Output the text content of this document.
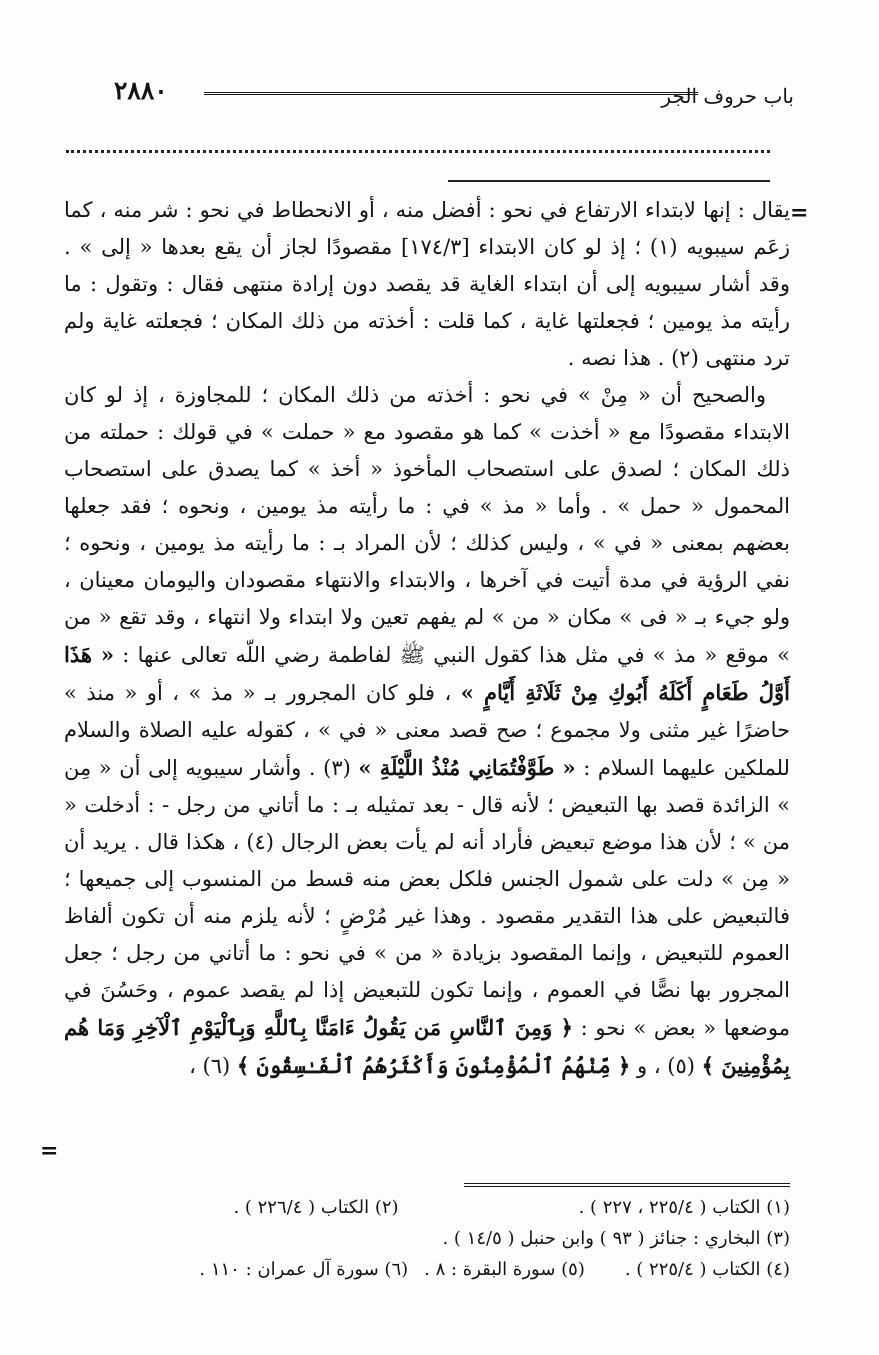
٢٨٨٠	باب حروف الجر
=

يقال : إنها لابتداء الارتفاع في نحو : أفضل منه ، أو الانحطاط في نحو : شر منه ، كما زعَم سيبويه (١) ؛ إذ لو كان الابتداء [١٧٤/٣] مقصودًا لجاز أن يقع بعدها « إلى » . وقد أشار سيبويه إلى أن ابتداء الغاية قد يقصد دون إرادة منتهى فقال : وتقول : ما رأيته مذ يومين ؛ فجعلتها غاية ، كما قلت : أخذته من ذلك المكان ؛ فجعلته غاية ولم ترد منتهى (٢) . هذا نصه .

والصحيح أن « مِنْ » في نحو : أخذته من ذلك المكان ؛ للمجاوزة ، إذ لو كان الابتداء مقصودًا مع « أخذت » كما هو مقصود مع « حملت » في قولك : حملته من ذلك المكان ؛ لصدق على استصحاب المأخوذ « أخذ » كما يصدق على استصحاب المحمول « حمل » . وأما « مذ » في : ما رأيته مذ يومين ، ونحوه ؛ فقد جعلها بعضهم بمعنى « في » ، وليس كذلك ؛ لأن المراد بـ : ما رأيته مذ يومين ، ونحوه ؛ نفي الرؤية في مدة أتيت في آخرها ، والابتداء والانتهاء مقصودان واليومان معينان ، ولو جيء بـ « فى » مكان « من » لم يفهم تعين ولا ابتداء ولا انتهاء ، وقد تقع « من » موقع « مذ » في مثل هذا كقول النبي ﷺ لفاطمة رضي اللّه تعالى عنها : « هَذَا أَوَّلُ طَعَامٍ أَكَلَهُ أَبُوكِ مِنْ ثَلَاثَةِ أَيَّامٍ » ، فلو كان المجرور بـ « مذ » ، أو « منذ » حاضرًا غير مثنى ولا مجموع ؛ صح قصد معنى « في » ، كقوله عليه الصلاة والسلام للملكين عليهما السلام : « طَوَّفْتُمَانِي مُنْذُ اللَّيْلَةِ » (٣) . وأشار سيبويه إلى أن « مِن » الزائدة قصد بها التبعيض ؛ لأنه قال - بعد تمثيله بـ : ما أتاني من رجل - : أدخلت « من » ؛ لأن هذا موضع تبعيض فأراد أنه لم يأت بعض الرجال (٤) ، هكذا قال . يريد أن « مِن » دلت على شمول الجنس فلكل بعض منه قسط من المنسوب إلى جميعها ؛ فالتبعيض على هذا التقدير مقصود . وهذا غير مُرْضٍ ؛ لأنه يلزم منه أن تكون ألفاظ العموم للتبعيض ، وإنما المقصود بزيادة « من » في نحو : ما أتاني من رجل ؛ جعل المجرور بها نصًّا في العموم ، وإنما تكون للتبعيض إذا لم يقصد عموم ، وحَسُنَ في موضعها « بعض » نحو : ﴿ وَمِنَ ٱلنَّاسِ مَن يَقُولُ ءَامَنَّا بِٱللَّهِ وَبِٱلْيَوْمِ ٱلْآخِرِ وَمَا هُم بِمُؤْمِنِينَ ﴾ (٥) ، و ﴿ مِّنْهُمُ ٱلْمُؤْمِنُونَ وَأَكْثَرُهُمُ ٱلْفَـٰسِقُونَ ﴾ (٦) ،

=
(١) الكتاب ( ٢٢٥/٤ ، ٢٢٧ ) .
(٢) الكتاب ( ٢٢٦/٤ ) .
(٣) البخاري : جنائز ( ٩٣ ) وابن حنبل ( ١٤/٥ ) .
(٤) الكتاب ( ٢٢٥/٤ ) .
(٥) سورة البقرة : ٨ .
(٦) سورة آل عمران : ١١٠ .
